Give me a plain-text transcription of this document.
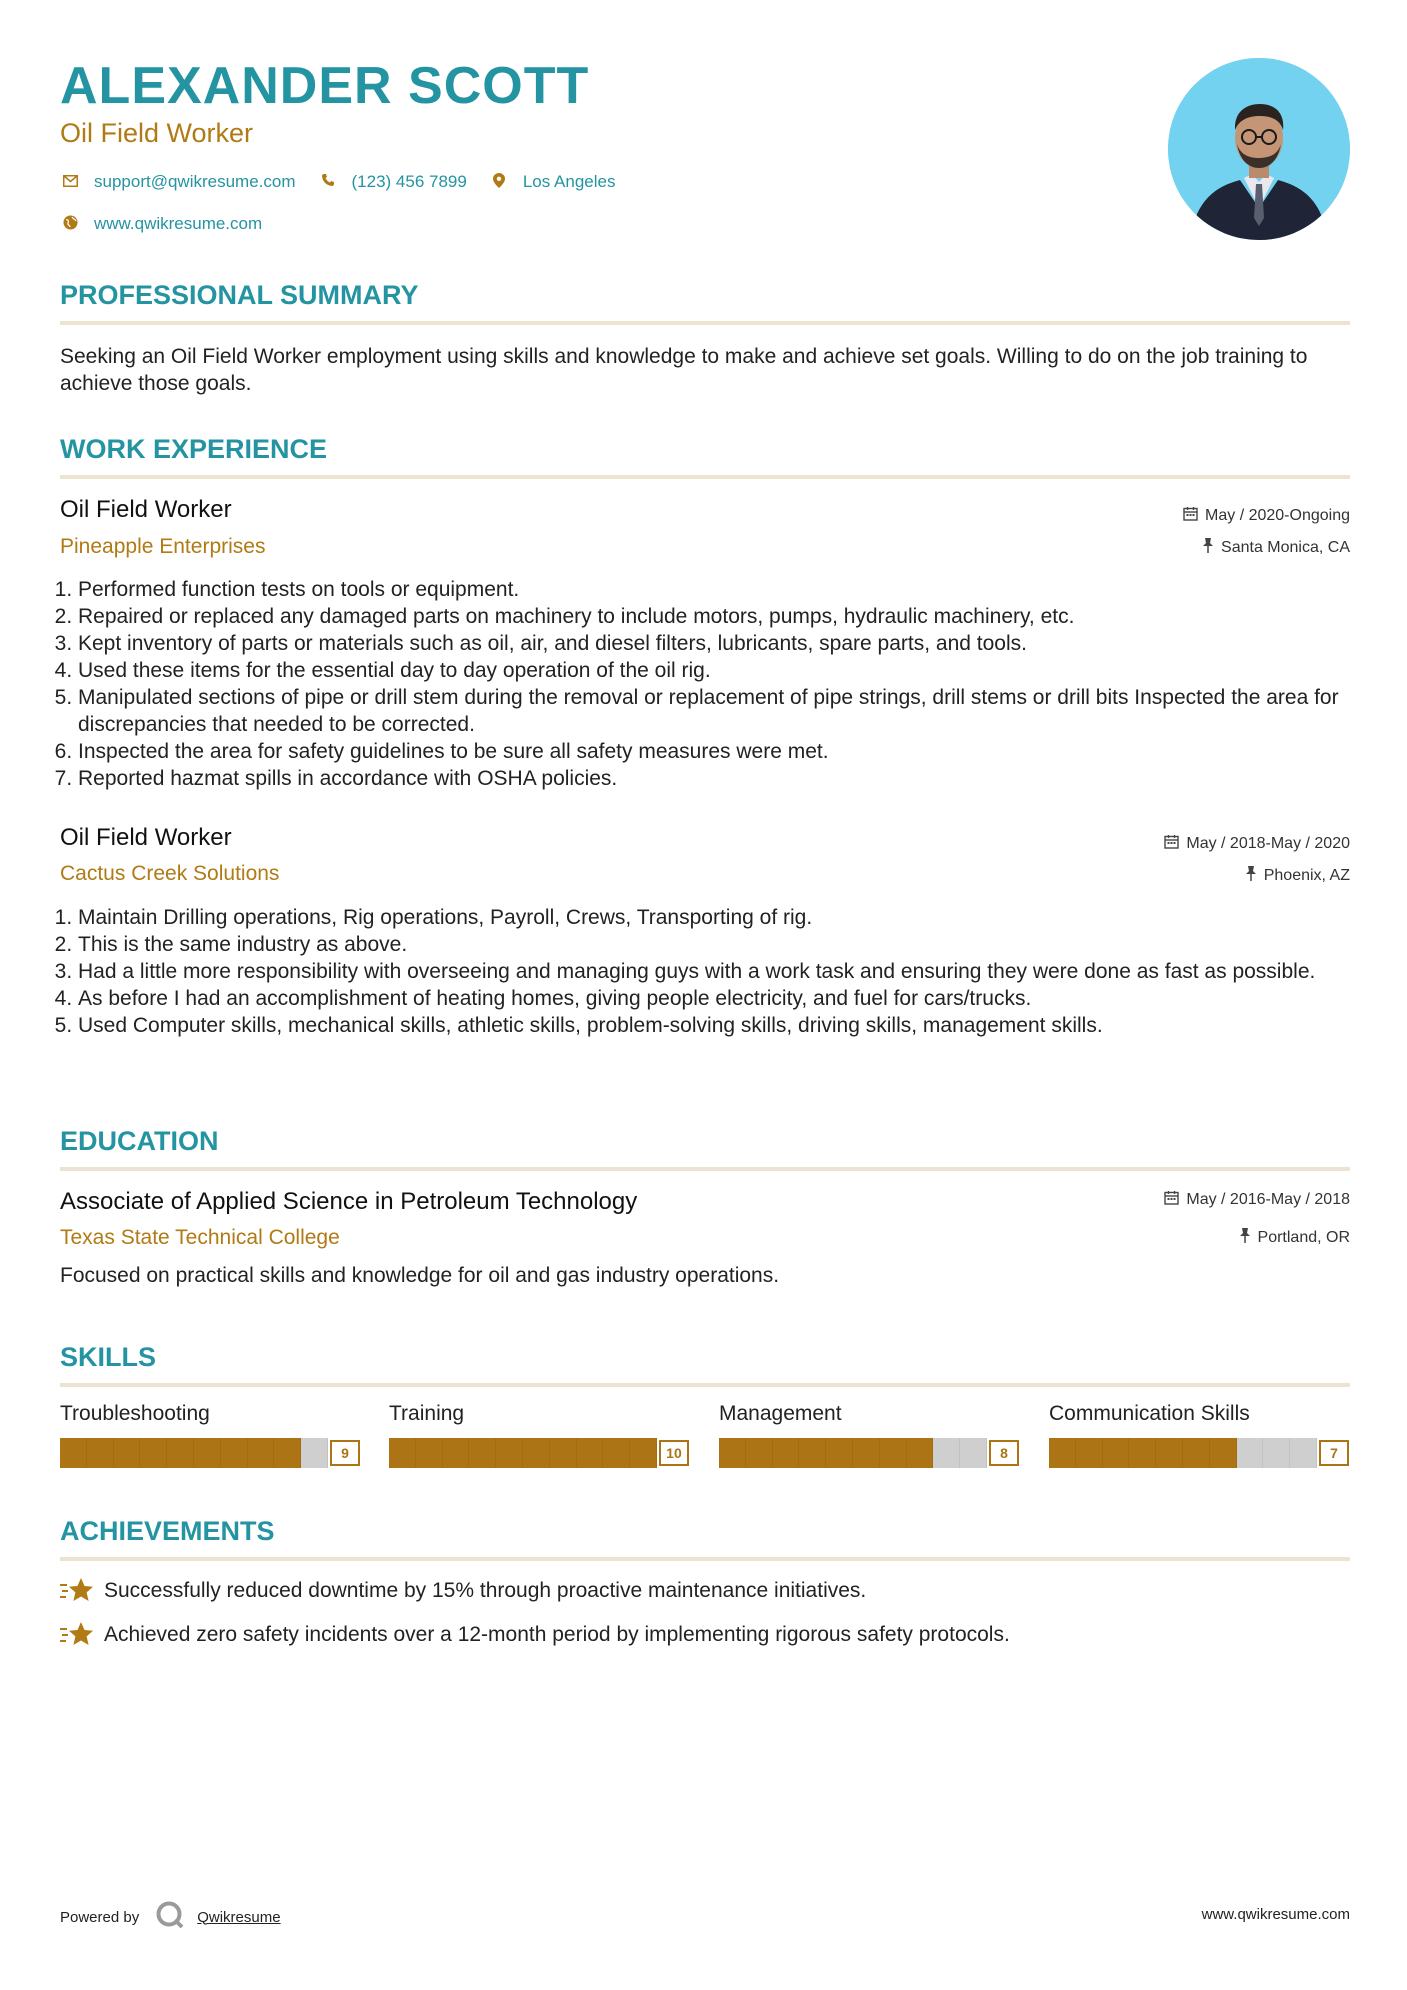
ALEXANDER SCOTT
Oil Field Worker
support@qwikresume.com	(123) 456 7899	Los Angeles
www.qwikresume.com
PROFESSIONAL SUMMARY
Seeking an Oil Field Worker employment using skills and knowledge to make and achieve set goals. Willing to do on the job training to achieve those goals.
WORK EXPERIENCE
Oil Field Worker
Pineapple Enterprises
May / 2020-Ongoing
Santa Monica, CA
1. Performed function tests on tools or equipment.
2. Repaired or replaced any damaged parts on machinery to include motors, pumps, hydraulic machinery, etc.
3. Kept inventory of parts or materials such as oil, air, and diesel filters, lubricants, spare parts, and tools.
4. Used these items for the essential day to day operation of the oil rig.
5. Manipulated sections of pipe or drill stem during the removal or replacement of pipe strings, drill stems or drill bits Inspected the area for discrepancies that needed to be corrected.
6. Inspected the area for safety guidelines to be sure all safety measures were met.
7. Reported hazmat spills in accordance with OSHA policies.
Oil Field Worker
Cactus Creek Solutions
May / 2018-May / 2020
Phoenix, AZ
1. Maintain Drilling operations, Rig operations, Payroll, Crews, Transporting of rig.
2. This is the same industry as above.
3. Had a little more responsibility with overseeing and managing guys with a work task and ensuring they were done as fast as possible.
4. As before I had an accomplishment of heating homes, giving people electricity, and fuel for cars/trucks.
5. Used Computer skills, mechanical skills, athletic skills, problem-solving skills, driving skills, management skills.
EDUCATION
Associate of Applied Science in Petroleum Technology
Texas State Technical College
May / 2016-May / 2018
Portland, OR
Focused on practical skills and knowledge for oil and gas industry operations.
SKILLS
Troubleshooting
9
Training
10
Management
8
Communication Skills
7
ACHIEVEMENTS
Successfully reduced downtime by 15% through proactive maintenance initiatives.
Achieved zero safety incidents over a 12-month period by implementing rigorous safety protocols.
Powered by	Qwikresume	www.qwikresume.com
